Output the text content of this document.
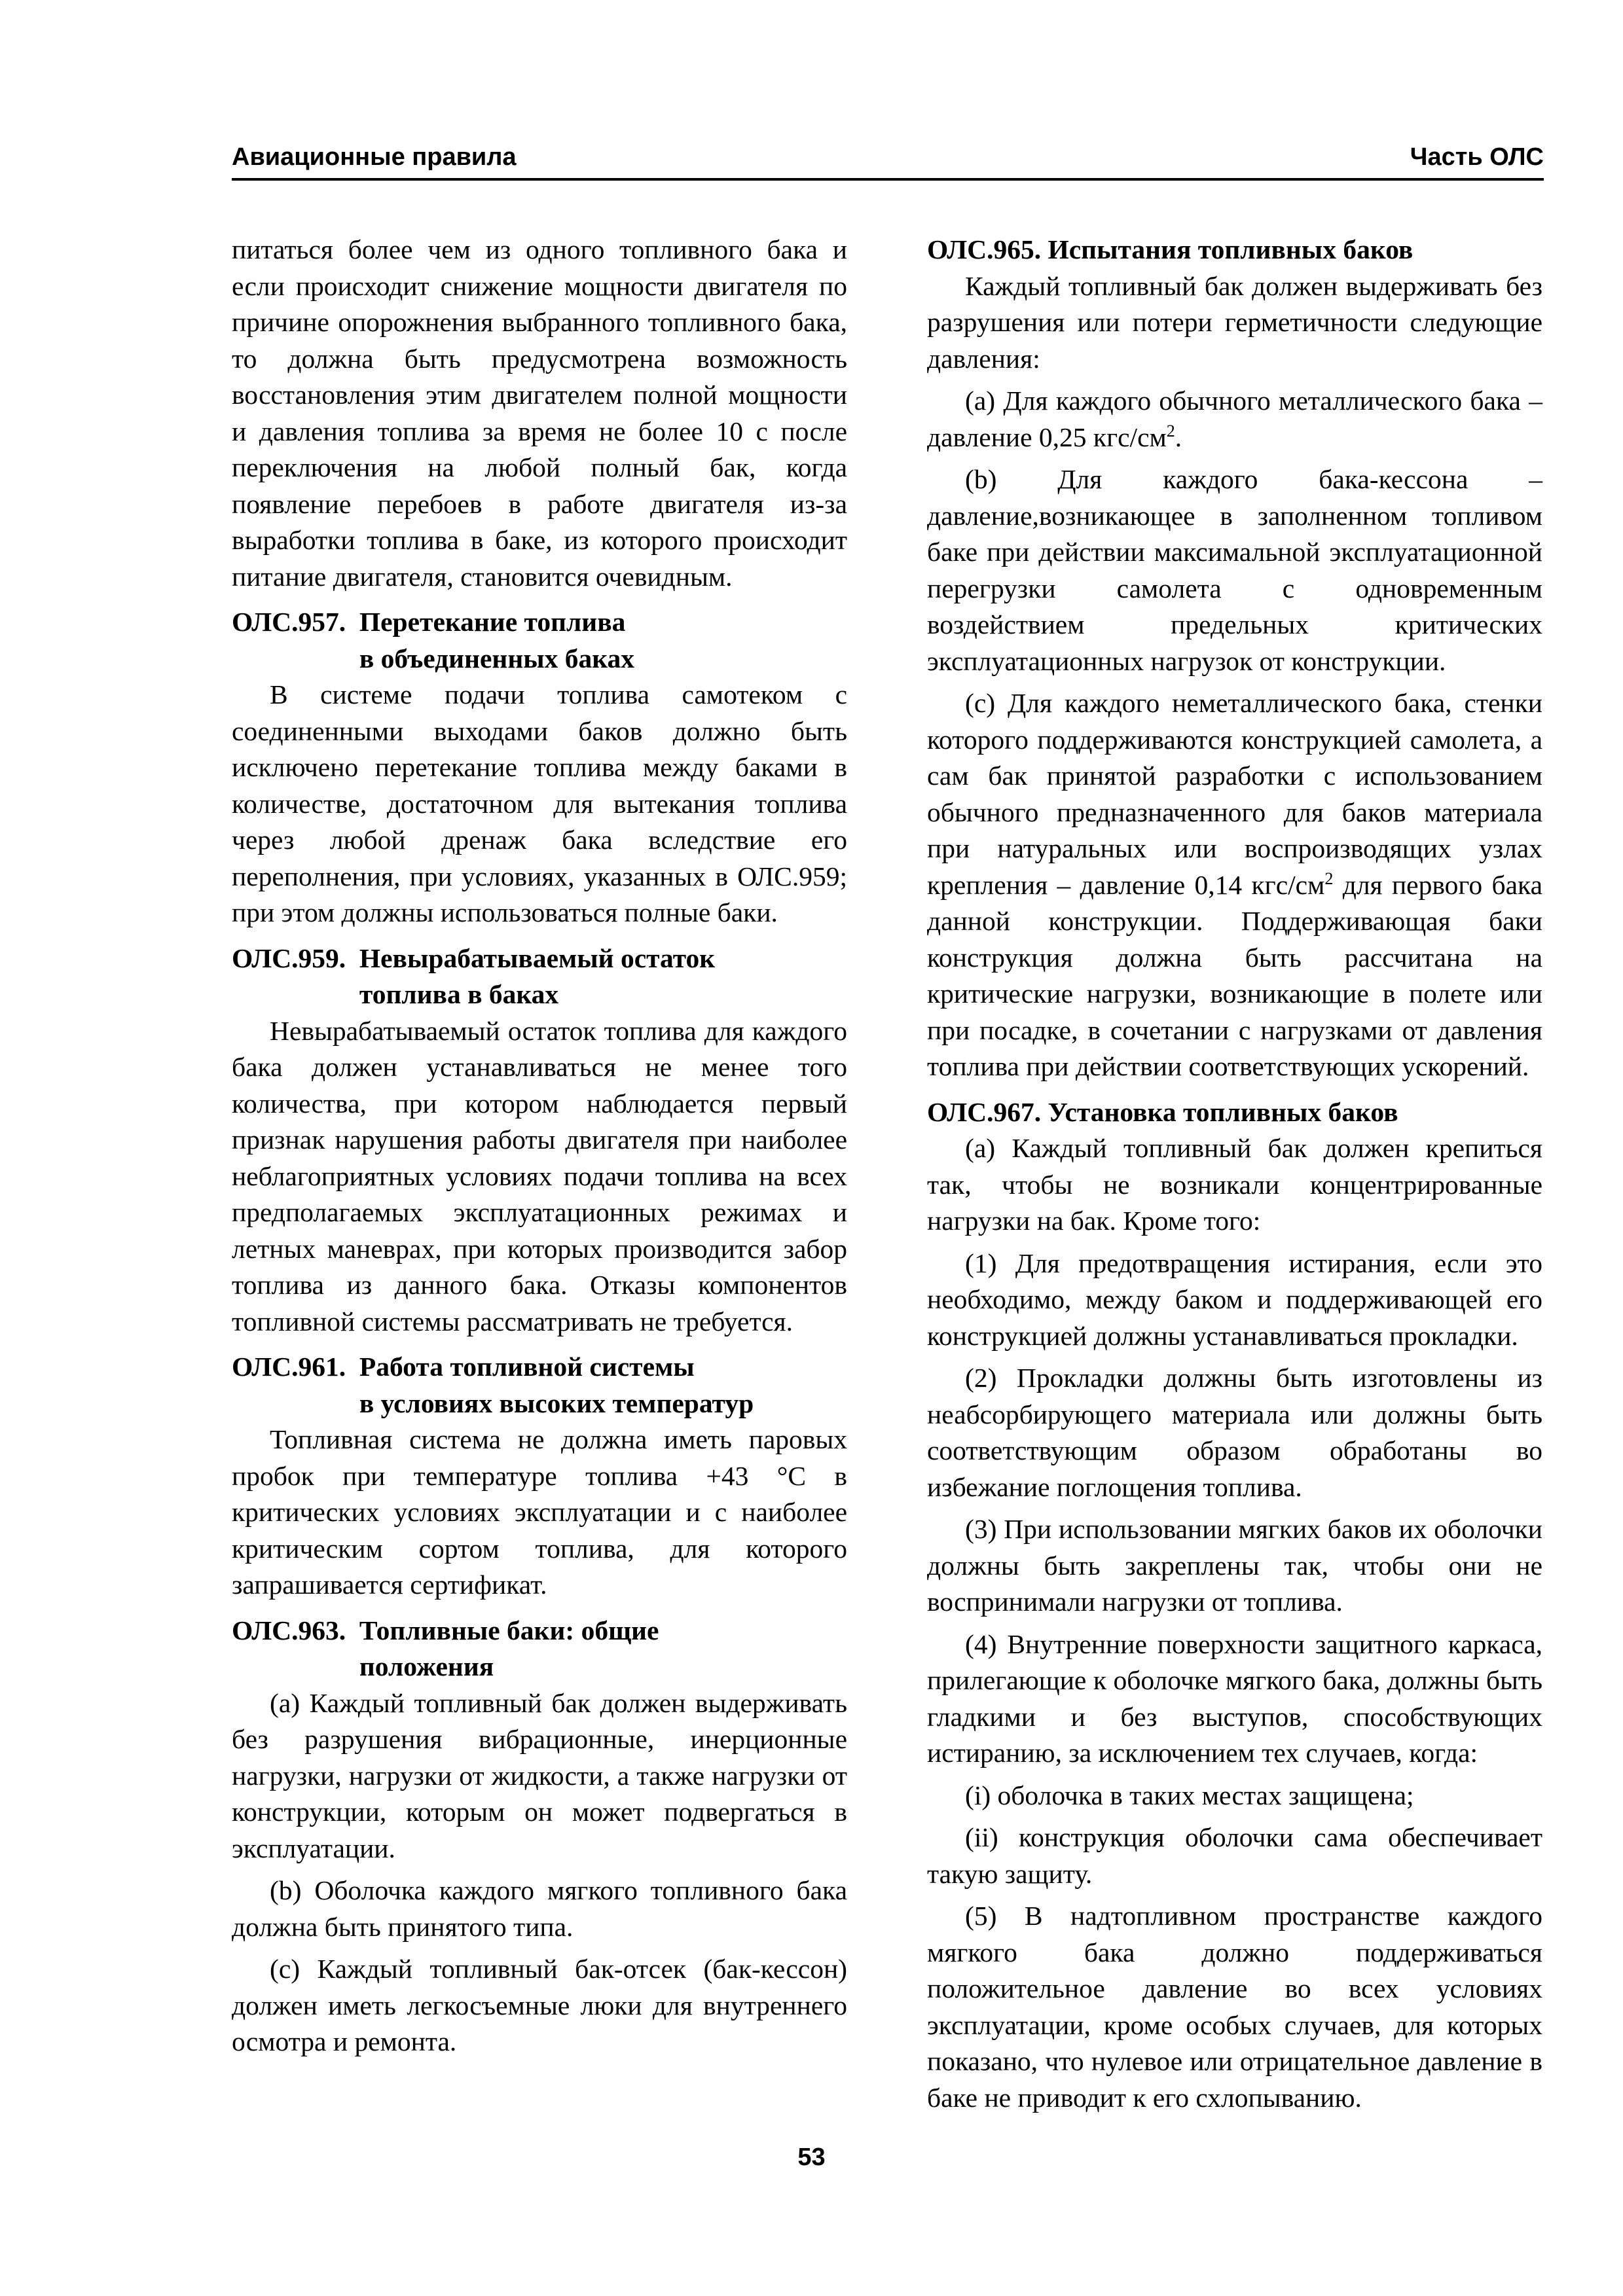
Авиационные правила	Часть ОЛС

питаться более чем из одного топливного бака и если происходит снижение мощности двигателя по причине опорожнения выбранного топливного бака, то должна быть предусмотрена возможность восстановления этим двигателем полной мощности и давления топлива за время не более 10 с после переключения на любой полный бак, когда появление перебоев в работе двигателя из-за выработки топлива в баке, из которого происходит питание двигателя, становится очевидным.

ОЛС.957. Перетекание топлива
в объединенных баках

В системе подачи топлива самотеком с соединенными выходами баков должно быть исключено перетекание топлива между баками в количестве, достаточном для вытекания топлива через любой дренаж бака вследствие его переполнения, при условиях, указанных в ОЛС.959; при этом должны использоваться полные баки.

ОЛС.959. Невырабатываемый остаток
топлива в баках

Невырабатываемый остаток топлива для каждого бака должен устанавливаться не менее того количества, при котором наблюдается первый признак нарушения работы двигателя при наиболее неблагоприятных условиях подачи топлива на всех предполагаемых эксплуатационных режимах и летных маневрах, при которых производится забор топлива из данного бака. Отказы компонентов топливной системы рассматривать не требуется.

ОЛС.961. Работа топливной системы
в условиях высоких температур

Топливная система не должна иметь паровых пробок при температуре топлива +43 °С в критических условиях эксплуатации и с наиболее критическим сортом топлива, для которого запрашивается сертификат.

ОЛС.963. Топливные баки: общие
положения

(a) Каждый топливный бак должен выдерживать без разрушения вибрационные, инерционные нагрузки, нагрузки от жидкости, а также нагрузки от конструкции, которым он может подвергаться в эксплуатации.

(b) Оболочка каждого мягкого топливного бака должна быть принятого типа.

(c) Каждый топливный бак-отсек (бак-кессон) должен иметь легкосъемные люки для внутреннего осмотра и ремонта.

ОЛС.965. Испытания топливных баков

Каждый топливный бак должен выдерживать без разрушения или потери герметичности следующие давления:

(a) Для каждого обычного металлического бака – давление 0,25 кгс/$см^2$.

(b) Для каждого бака-кессона – давление,возникающее в заполненном топливом баке при действии максимальной эксплуатационной перегрузки самолета с одновременным воздействием предельных критических эксплуатационных нагрузок от конструкции.

(c) Для каждого неметаллического бака, стенки которого поддерживаются конструкцией самолета, а сам бак принятой разработки с использованием обычного предназначенного для баков материала при натуральных или воспроизводящих узлах крепления – давление 0,14 кгс/$см^2$ для первого бака данной конструкции. Поддерживающая баки конструкция должна быть рассчитана на критические нагрузки, возникающие в полете или при посадке, в сочетании с нагрузками от давления топлива при действии соответствующих ускорений.

ОЛС.967. Установка топливных баков

(a) Каждый топливный бак должен крепиться так, чтобы не возникали концентрированные нагрузки на бак. Кроме того:

(1) Для предотвращения истирания, если это необходимо, между баком и поддерживающей его конструкцией должны устанавливаться прокладки.

(2) Прокладки должны быть изготовлены из неабсорбирующего материала или должны быть соответствующим образом обработаны во избежание поглощения топлива.

(3) При использовании мягких баков их оболочки должны быть закреплены так, чтобы они не воспринимали нагрузки от топлива.

(4) Внутренние поверхности защитного каркаса, прилегающие к оболочке мягкого бака, должны быть гладкими и без выступов, способствующих истиранию, за исключением тех случаев, когда:

(i) оболочка в таких местах защищена;

(ii) конструкция оболочки сама обеспечивает такую защиту.

(5) В надтопливном пространстве каждого мягкого бака должно поддерживаться положительное давление во всех условиях эксплуатации, кроме особых случаев, для которых показано, что нулевое или отрицательное давление в баке не приводит к его схлопыванию.

53
